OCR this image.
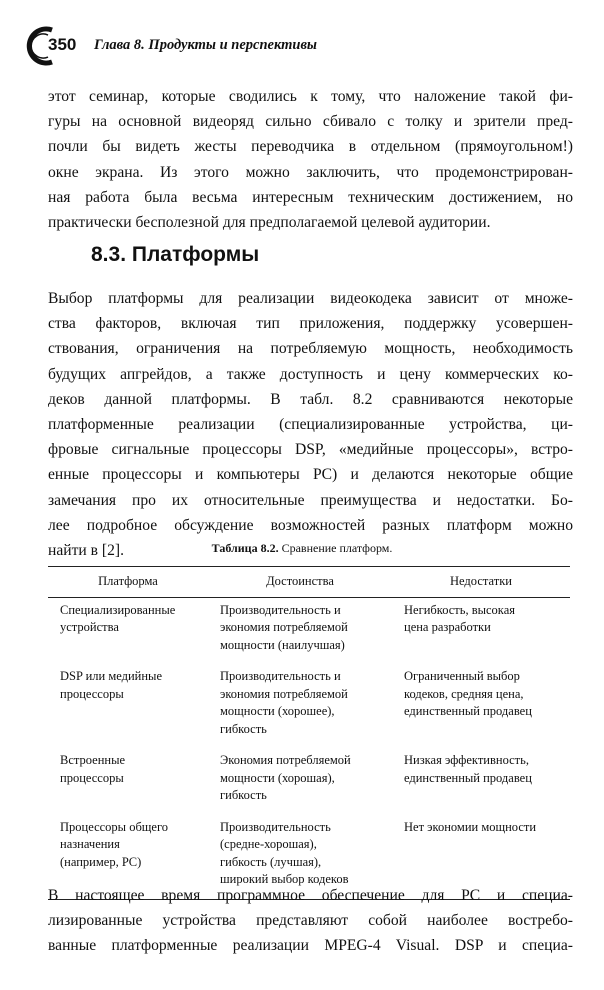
350 Глава 8. Продукты и перспективы
этот семинар, которые сводились к тому, что наложение такой фи-
гуры на основной видеоряд сильно сбивало с толку и зрители пред-
почли бы видеть жесты переводчика в отдельном (прямоугольном!)
окне экрана. Из этого можно заключить, что продемонстрирован-
ная работа была весьма интересным техническим достижением, но
практически бесполезной для предполагаемой целевой аудитории.
8.3. Платформы
Выбор платформы для реализации видеокодека зависит от множе-
ства факторов, включая тип приложения, поддержку усовершен-
ствования, ограничения на потребляемую мощность, необходимость
будущих апгрейдов, а также доступность и цену коммерческих ко-
деков данной платформы. В табл. 8.2 сравниваются некоторые
платформенные реализации (специализированные устройства, ци-
фровые сигнальные процессоры DSP, «медийные процессоры», встро-
енные процессоры и компьютеры PC) и делаются некоторые общие
замечания про их относительные преимущества и недостатки. Бо-
лее подробное обсуждение возможностей разных платформ можно
найти в [2].	Таблица 8.2. Сравнение платформ.
Платформа	Достоинства	Недостатки

Специализированные
устройства	Производительность и
экономия потребляемой
мощности (наилучшая)	Негибкость, высокая
цена разработки

DSP или медийные
процессоры	Производительность и
экономия потребляемой
мощности (хорошее),
гибкость	Ограниченный выбор
кодеков, средняя цена,
единственный продавец

Встроенные
процессоры	Экономия потребляемой
мощности (хорошая),
гибкость	Низкая эффективность,
единственный продавец

Процессоры общего
назначения
(например, PC)	Производительность
(средне-хорошая),
гибкость (лучшая),
широкий выбор кодеков	Нет экономии мощности
В настоящее время программное обеспечение для PC и специа-
лизированные устройства представляют собой наиболее востребо-
ванные платформенные реализации MPEG-4 Visual. DSP и специа-
